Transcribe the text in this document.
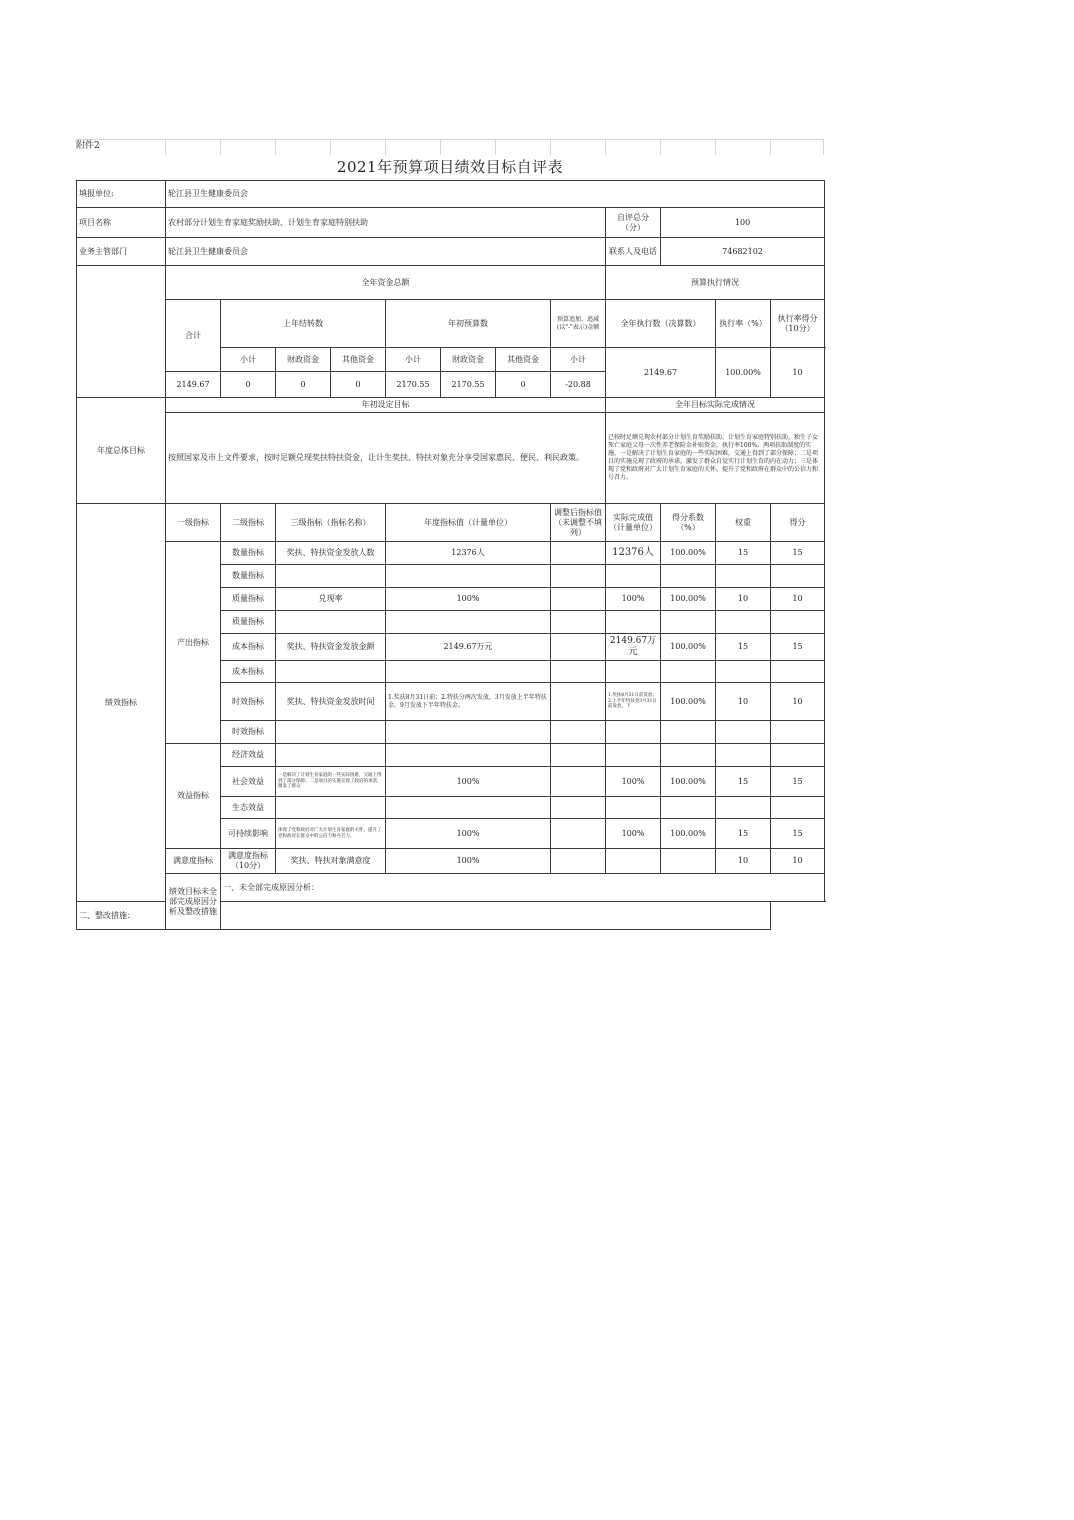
附件2
2021年预算项目绩效目标自评表
填报单位:	轮江县卫生健康委员会											
项目名称	农村部分计划生育家庭奖励扶助、计划生育家庭特别扶助								自评总分（分）	100		
业务主管部门	轮江县卫生健康委员会								联系人及电话	74682102		
	全年资金总额								预算执行情况			
	合计	上年结转数			年初预算数			预算追加、追减(以"-"表示)金额	全年执行数（决算数）		执行率（%）	执行率得分（10分）
		小计	财政资金	其他资金	小计	财政资金	其他资金	小计	2149.67		100.00%	10
	2149.67	0	0	0	2170.55	2170.55	0	-20.88				
年度总体目标	年初设定目标								全年目标实际完成情况			
	按照国家及市上文件要求，按时足额兑现奖扶特扶资金，让计生奖扶、特扶对象充分享受国家惠民、便民、利民政策。								已按时足额兑现农村部分计划生育奖励扶助、计划生育家庭特别扶助，独生子女死亡家庭父母一次性养老保险金补贴资金，执行率100%。两项扶助制度的实施，一是解决了计划生育家庭的一些实际困难，交通上得到了部分保障；二是项目的实施兑现了政府的承诺，激发了群众自觉实行计划生育的内在动力；三是体现了党和政府对广大计划生育家庭的关怀，提升了党和政府在群众中的公信力和号召力。			
绩效指标	一级指标	二级指标	三级指标（指标名称）		年度指标值（计量单位）			调整后指标值（未调整不填列）	实际完成值（计量单位）	得分系数（%）	权重	得分
	产出指标	数量指标	奖扶、特扶资金发放人数		12376人				12376人	100.00%	15	15
		数量指标										
		质量指标	兑现率		100%				100%	100.00%	10	10
		质量指标										
		成本指标	奖扶、特扶资金发放金额		2149.67万元				2149.67万元	100.00%	15	15
		成本指标										
		时效指标	奖扶、特扶资金发放时间		1.奖扶8月31日前；2.特扶分两次发放，3月发放上半年特扶金，9月发放下半年特扶金。				1.奖扶8月31日前发放；2.上半年特扶金3月31日前发放，下	100.00%	10	10
		时效指标										
	效益指标	经济效益										
		社会效益	一是解决了计划生育家庭的一些实际困难，交通上得到了部分保障；二是项目的实施兑现了政府的承诺，激发了群众		100%				100%	100.00%	15	15
		生态效益										
		可持续影响	体现了党和政府对广大计划生育家庭的关怀，提升了党和政府在群众中的公信力和号召力。		100%				100%	100.00%	15	15
	满意度指标	满意度指标（10分）	奖扶、特扶对象满意度		100%						10	10
	绩效目标未全部完成原因分析及整改措施	一、未全部完成原因分析：										
二、整改措施：												
